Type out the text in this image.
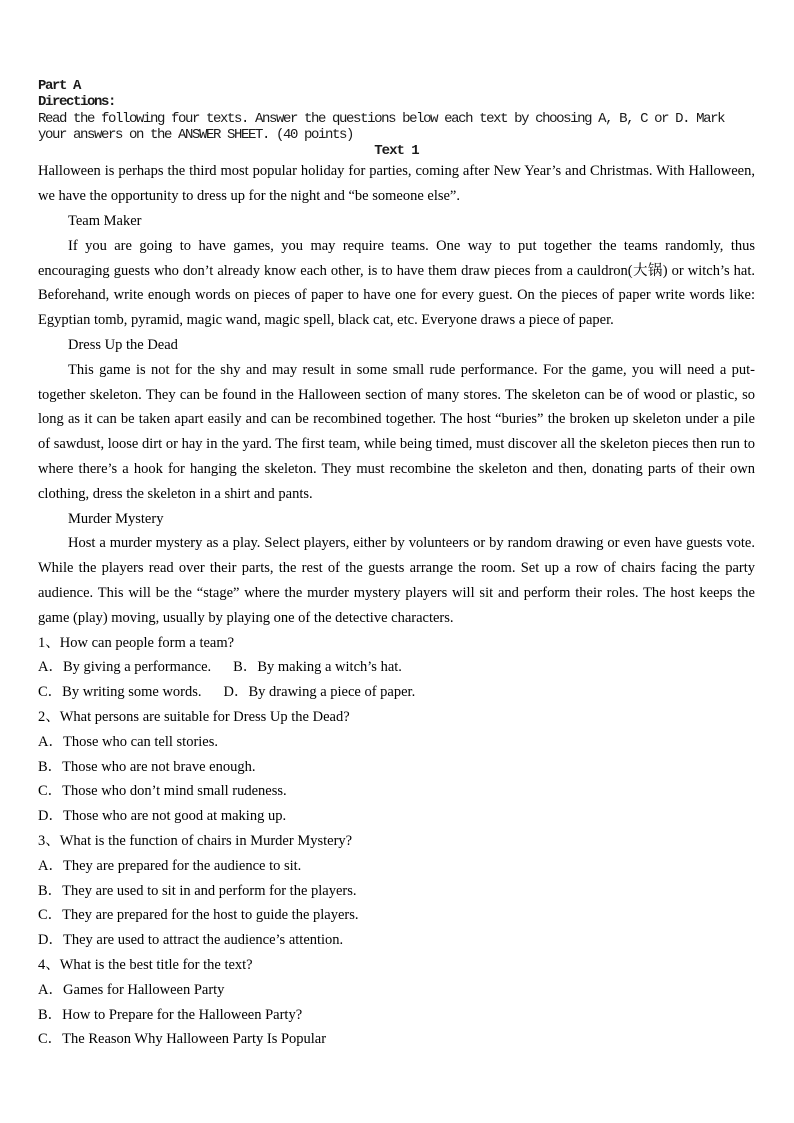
Part A
Directions:
Read the following four texts. Answer the questions below each text by choosing A, B, C or D. Mark your answers on the ANSWER SHEET. (40 points)
Text 1

Halloween is perhaps the third most popular holiday for parties, coming after New Year’s and Christmas. With Halloween, we have the opportunity to dress up for the night and “be someone else”.

Team Maker

If you are going to have games, you may require teams. One way to put together the teams randomly, thus encouraging guests who don’t already know each other, is to have them draw pieces from a cauldron(大锅) or witch’s hat. Beforehand, write enough words on pieces of paper to have one for every guest. On the pieces of paper write words like: Egyptian tomb, pyramid, magic wand, magic spell, black cat, etc. Everyone draws a piece of paper.

Dress Up the Dead

This game is not for the shy and may result in some small rude performance. For the game, you will need a put-together skeleton. They can be found in the Halloween section of many stores. The skeleton can be of wood or plastic, so long as it can be taken apart easily and can be recombined together. The host “buries” the broken up skeleton under a pile of sawdust, loose dirt or hay in the yard. The first team, while being timed, must discover all the skeleton pieces then run to where there’s a hook for hanging the skeleton. They must recombine the skeleton and then, donating parts of their own clothing, dress the skeleton in a shirt and pants.

Murder Mystery

Host a murder mystery as a play. Select players, either by volunteers or by random drawing or even have guests vote. While the players read over their parts, the rest of the guests arrange the room. Set up a row of chairs facing the party audience. This will be the “stage” where the murder mystery players will sit and perform their roles. The host keeps the game (play) moving, usually by playing one of the detective characters.

1、How can people form a team?
A．By giving a performance. B．By making a witch’s hat.
C．By writing some words. D．By drawing a piece of paper.
2、What persons are suitable for Dress Up the Dead?
A．Those who can tell stories.
B．Those who are not brave enough.
C．Those who don’t mind small rudeness.
D．Those who are not good at making up.
3、What is the function of chairs in Murder Mystery?
A．They are prepared for the audience to sit.
B．They are used to sit in and perform for the players.
C．They are prepared for the host to guide the players.
D．They are used to attract the audience’s attention.
4、What is the best title for the text?
A．Games for Halloween Party
B．How to Prepare for the Halloween Party?
C．The Reason Why Halloween Party Is Popular
